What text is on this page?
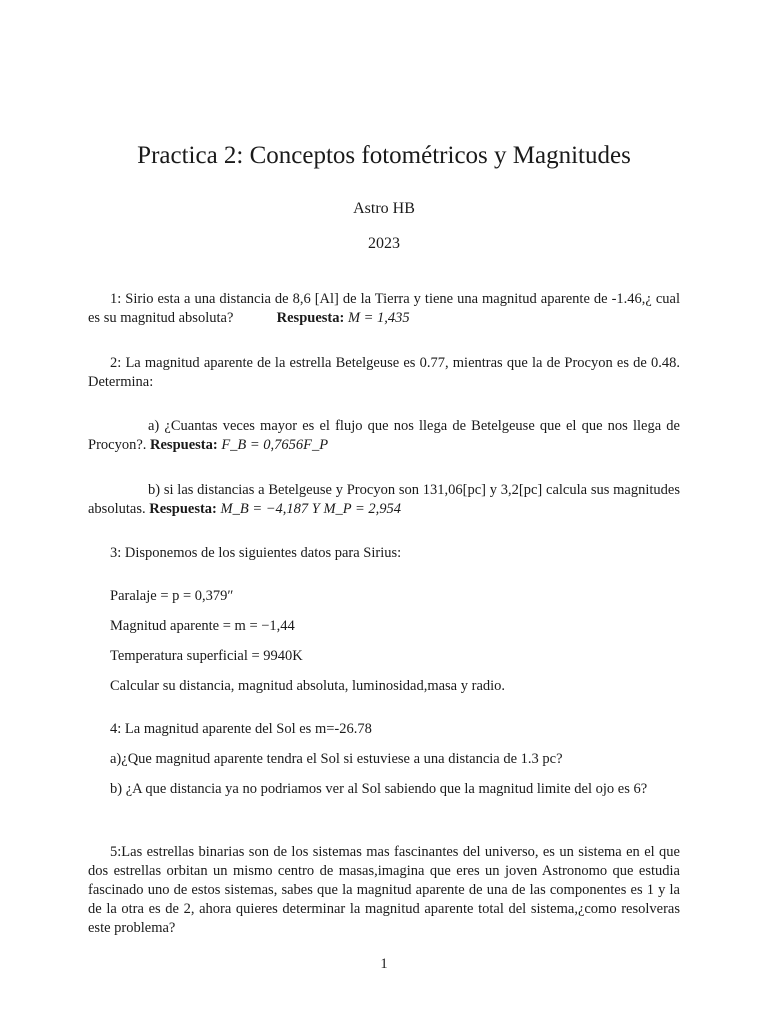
Practica 2: Conceptos fotométricos y Magnitudes
Astro HB
2023
1: Sirio esta a una distancia de 8,6 [Al] de la Tierra y tiene una magnitud aparente de -1.46,¿ cual es su magnitud absoluta?	Respuesta: M = 1,435
2: La magnitud aparente de la estrella Betelgeuse es 0.77, mientras que la de Procyon es de 0.48. Determina:
a) ¿Cuantas veces mayor es el flujo que nos llega de Betelgeuse que el que nos llega de Procyon?. Respuesta: F_B = 0,7656F_P
b) si las distancias a Betelgeuse y Procyon son 131,06[pc] y 3,2[pc] calcula sus magnitudes absolutas. Respuesta: M_B = −4,187 Y M_P = 2,954
3: Disponemos de los siguientes datos para Sirius:
Paralaje = p = 0,379″
Magnitud aparente = m = −1,44
Temperatura superficial = 9940K
Calcular su distancia, magnitud absoluta, luminosidad,masa y radio.
4: La magnitud aparente del Sol es m=-26.78
a)¿Que magnitud aparente tendra el Sol si estuviese a una distancia de 1.3 pc?
b) ¿A que distancia ya no podriamos ver al Sol sabiendo que la magnitud limite del ojo es 6?
5:Las estrellas binarias son de los sistemas mas fascinantes del universo, es un sistema en el que dos estrellas orbitan un mismo centro de masas,imagina que eres un joven Astronomo que estudia fascinado uno de estos sistemas, sabes que la magnitud aparente de una de las componentes es 1 y la de la otra es de 2, ahora quieres determinar la magnitud aparente total del sistema,¿como resolveras este problema?
1
